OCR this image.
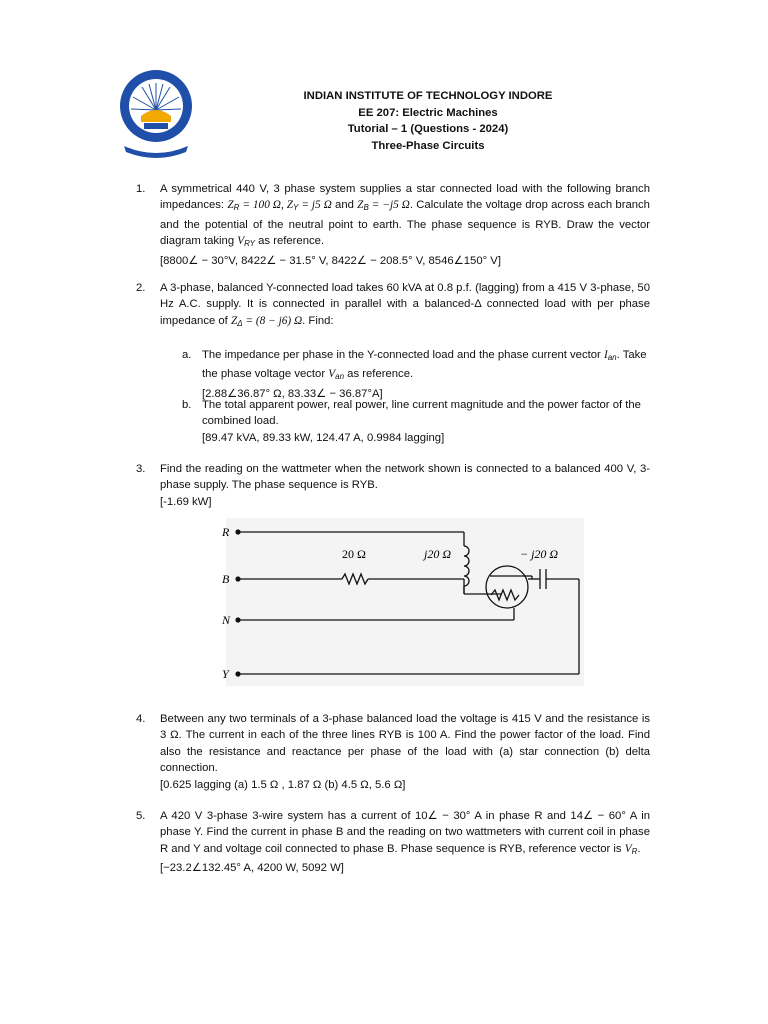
INDIAN INSTITUTE OF TECHNOLOGY INDORE
EE 207: Electric Machines
Tutorial – 1 (Questions - 2024)
Three-Phase Circuits
1. A symmetrical 440 V, 3 phase system supplies a star connected load with the following branch impedances: $Z_R = 100$ Ω, $Z_Y = j5$ Ω and $Z_B = -j5$ Ω. Calculate the voltage drop across each branch and the potential of the neutral point to earth. The phase sequence is RYB. Draw the vector diagram taking $V_{RY}$ as reference.

[8800∠ − 30°V, 8422∠ − 31.5° V, 8422∠ − 208.5° V, 8546∠150° V]

2. A 3-phase, balanced Y-connected load takes 60 kVA at 0.8 p.f. (lagging) from a 415 V 3-phase, 50 Hz A.C. supply. It is connected in parallel with a balanced-Δ connected load with per phase impedance of $Z_\Delta = (8 - j6)$ Ω. Find:

a. The impedance per phase in the Y-connected load and the phase current vector $I_{an}$. Take the phase voltage vector $V_{an}$ as reference.

[2.88∠36.87° Ω, 83.33∠ − 36.87°A]

b. The total apparent power, real power, line current magnitude and the power factor of the combined load.

[89.47 kVA, 89.33 kW, 124.47 A, 0.9984 lagging]

3. Find the reading on the wattmeter when the network shown is connected to a balanced 400 V, 3-phase supply. The phase sequence is RYB.

[-1.69 kW]

R
B
N
Y
20 Ω	j20 Ω	− j20 Ω
4. Between any two terminals of a 3-phase balanced load the voltage is 415 V and the resistance is 3 Ω. The current in each of the three lines RYB is 100 A. Find the power factor of the load. Find also the resistance and reactance per phase of the load with (a) star connection (b) delta connection.

[0.625 lagging (a) 1.5 Ω , 1.87 Ω (b) 4.5 Ω, 5.6 Ω]

5. A 420 V 3-phase 3-wire system has a current of 10∠ − 30° A in phase R and 14∠ − 60° A in phase Y. Find the current in phase B and the reading on two wattmeters with current coil in phase R and Y and voltage coil connected to phase B. Phase sequence is RYB, reference vector is $V_R$.

[−23.2∠132.45° A, 4200 W, 5092 W]
